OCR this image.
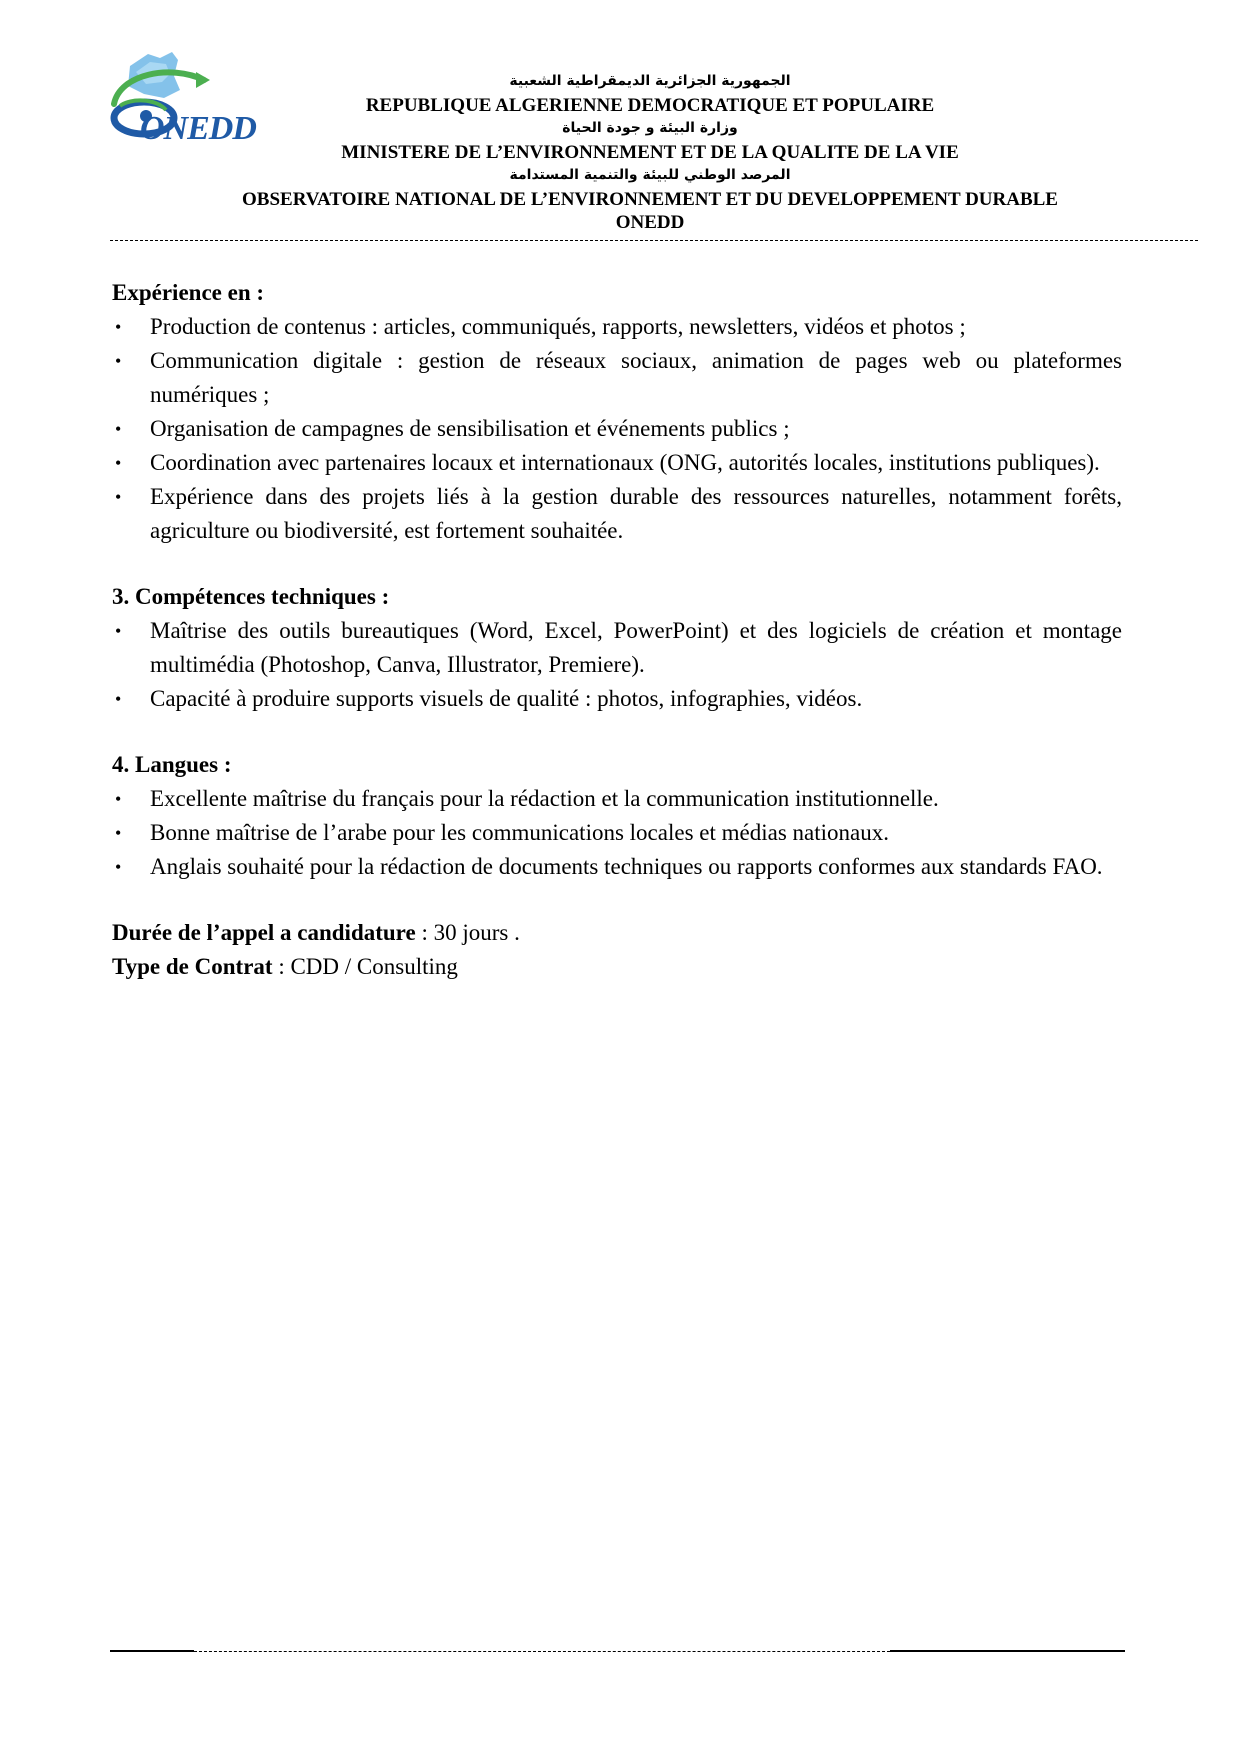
ONEDD
الجمهورية الجزائرية الديمقراطية الشعبية
REPUBLIQUE ALGERIENNE DEMOCRATIQUE ET POPULAIRE
وزارة البيئة و جودة الحياة
MINISTERE DE L’ENVIRONNEMENT ET DE LA QUALITE DE LA VIE
المرصد الوطني للبيئة والتنمية المستدامة
OBSERVATOIRE NATIONAL DE L’ENVIRONNEMENT ET DU DEVELOPPEMENT DURABLE
ONEDD

Expérience en :

• Production de contenus : articles, communiqués, rapports, newsletters, vidéos et photos ;
• Communication digitale : gestion de réseaux sociaux, animation de pages web ou plateformes numériques ;
• Organisation de campagnes de sensibilisation et événements publics ;
• Coordination avec partenaires locaux et internationaux (ONG, autorités locales, institutions publiques).
• Expérience dans des projets liés à la gestion durable des ressources naturelles, notamment forêts, agriculture ou biodiversité, est fortement souhaitée.

3. Compétences techniques :

• Maîtrise des outils bureautiques (Word, Excel, PowerPoint) et des logiciels de création et montage multimédia (Photoshop, Canva, Illustrator, Premiere).
• Capacité à produire supports visuels de qualité : photos, infographies, vidéos.

4. Langues :

• Excellente maîtrise du français pour la rédaction et la communication institutionnelle.
• Bonne maîtrise de l’arabe pour les communications locales et médias nationaux.
• Anglais souhaité pour la rédaction de documents techniques ou rapports conformes aux standards FAO.

Durée de l’appel a candidature : 30 jours .

Type de Contrat : CDD / Consulting
